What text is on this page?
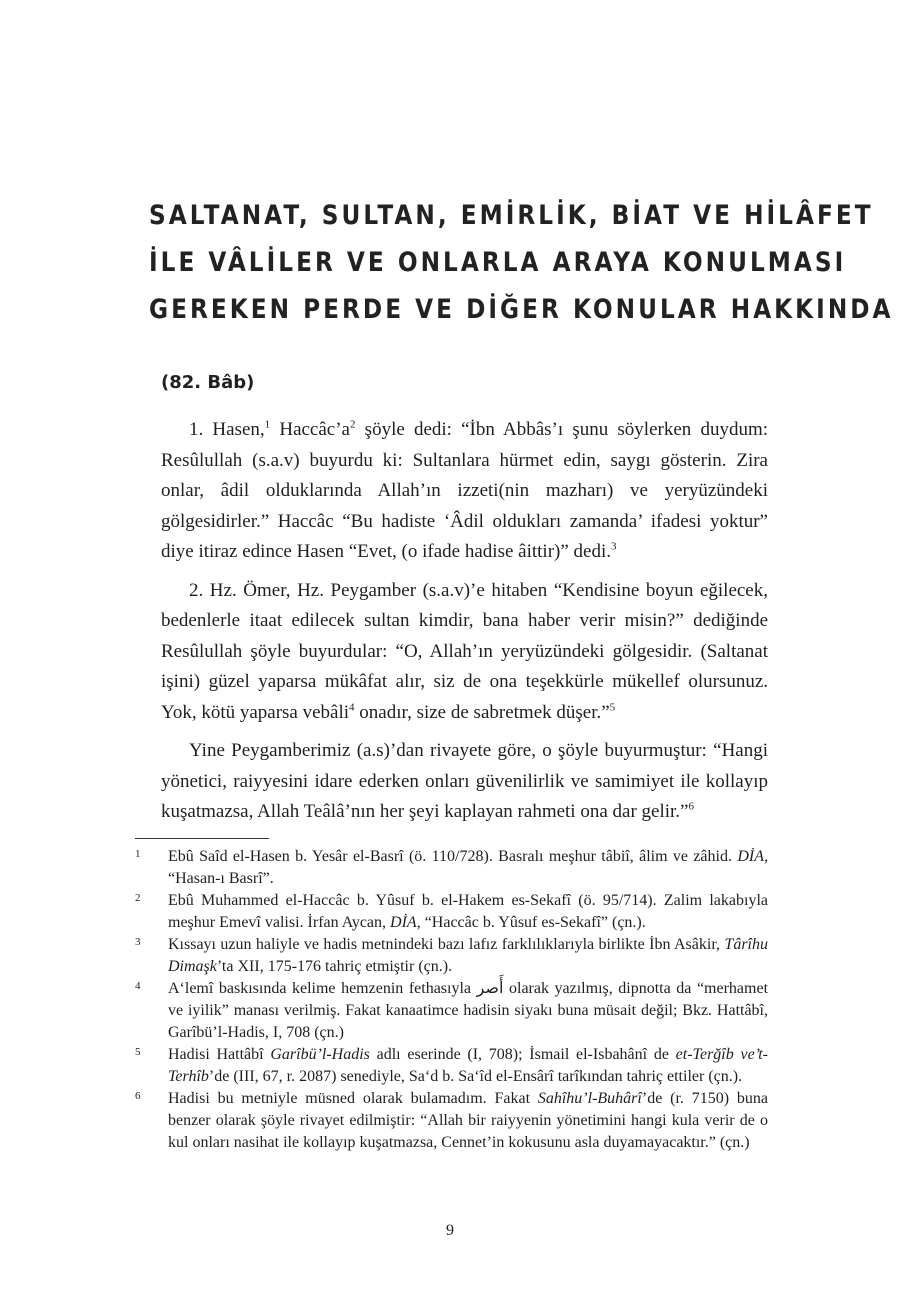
SALTANAT, SULTAN, EMİRLİK, BİAT VE HİLÂFET
İLE VÂLİLER VE ONLARLA ARAYA KONULMASI
GEREKEN PERDE VE DİĞER KONULAR HAKKINDA
(82. Bâb)

1. Hasen,$^1$ Haccâc’a$^2$ şöyle dedi: “İbn Abbâs’ı şunu söylerken duydum: Resûlullah (s.a.v) buyurdu ki: Sultanlara hürmet edin, saygı gösterin. Zira onlar, âdil olduklarında Allah’ın izzeti(nin mazharı) ve yeryüzündeki gölgesidirler.” Haccâc “Bu hadiste ‘Âdil oldukları zamanda’ ifadesi yoktur” diye itiraz edince Hasen “Evet, (o ifade hadise âittir)” dedi.$^3$

2. Hz. Ömer, Hz. Peygamber (s.a.v)’e hitaben “Kendisine boyun eğilecek, bedenlerle itaat edilecek sultan kimdir, bana haber verir misin?” dediğinde Resûlullah şöyle buyurdular: “O, Allah’ın yeryüzündeki gölgesidir. (Saltanat işini) güzel yaparsa mükâfat alır, siz de ona teşekkürle mükellef olursunuz. Yok, kötü yaparsa vebâli$^4$ onadır, size de sabretmek düşer.”$^5$

Yine Peygamberimiz (a.s)’dan rivayete göre, o şöyle buyurmuştur: “Hangi yönetici, raiyyesini idare ederken onları güvenilirlik ve samimiyet ile kollayıp kuşatmazsa, Allah Teâlâ’nın her şeyi kaplayan rahmeti ona dar gelir.”$^6$

1 Ebû Saîd el-Hasen b. Yesâr el-Basrî (ö. 110/728). Basralı meşhur tâbiî, âlim ve zâhid. DİA, “Hasan-ı Basrî”.
2 Ebû Muhammed el-Haccâc b. Yûsuf b. el-Hakem es-Sekafî (ö. 95/714). Zalim lakabıyla meşhur Emevî valisi. İrfan Aycan, DİA, “Haccâc b. Yûsuf es-Sekafî” (çn.).
3 Kıssayı uzun haliyle ve hadis metnindeki bazı lafız farklılıklarıyla birlikte İbn Asâkir, Târîhu Dimaşk’ta XII, 175-176 tahriç etmiştir (çn.).
4 A‘lemî baskısında kelime hemzenin fethasıyla أَصر olarak yazılmış, dipnotta da “merhamet ve iyilik” manası verilmiş. Fakat kanaatimce hadisin siyakı buna müsait değil; Bkz. Hattâbî, Garîbü’l-Hadis, I, 708 (çn.)
5 Hadisi Hattâbî Garîbü’l-Hadis adlı eserinde (I, 708); İsmail el-Isbahânî de et-Terğîb ve’t-Terhîb’de (III, 67, r. 2087) senediyle, Sa‘d b. Sa‘îd el-Ensârî tarîkından tahriç ettiler (çn.).
6 Hadisi bu metniyle müsned olarak bulamadım. Fakat Sahîhu’l-Buhârî’de (r. 7150) buna benzer olarak şöyle rivayet edilmiştir: “Allah bir raiyyenin yönetimini hangi kula verir de o kul onları nasihat ile kollayıp kuşatmazsa, Cennet’in kokusunu asla duyamayacaktır.” (çn.)
9
